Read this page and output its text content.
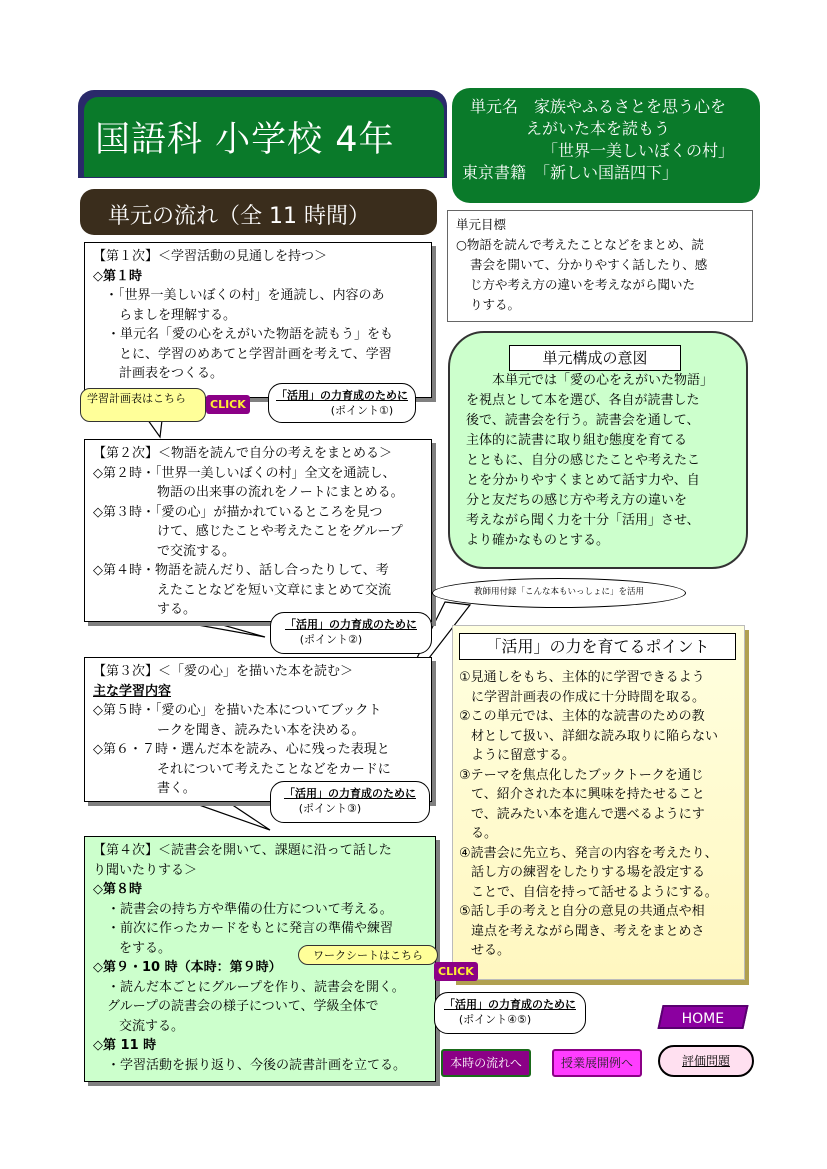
国語科 小学校 4年
単元名　家族やふるさとを思う心を
えがいた本を読もう
「世界一美しいぼくの村」
東京書籍　「新しい国語四下」
単元の流れ（全 11 時間）	単元目標
○物語を読んで考えたことなどをまとめ、読
書会を開いて、分かりやすく話したり、感
じ方や考え方の違いを考えながら聞いた
りする。
本単元では「愛の心をえがいた物語」
を視点として本を選び、各自が読書した
後で、読書会を行う。読書会を通して、
主体的に読書に取り組む態度を育てる
とともに、自分の感じたことや考えたこ
とを分かりやすくまとめて話す力や、自
分と友だちの感じ方や考え方の違いを
考えながら聞く力を十分「活用」させ、
より確かなものとする。
単元構成の意図
【第１次】＜学習活動の見通しを持つ＞
◇第１時
・「世界一美しいぼくの村」を通読し、内容のあ
らましを理解する。
・単元名「愛の心をえがいた物語を読もう」をも
とに、学習のめあてと学習計画を考えて、学習
計画表をつくる。
【第２次】＜物語を読んで自分の考えをまとめる＞
◇第２時・「世界一美しいぼくの村」全文を通読し、
物語の出来事の流れをノートにまとめる。
◇第３時・「愛の心」が描かれているところを見つ
けて、感じたことや考えたことをグループ
で交流する。
◇第４時・物語を読んだり、話し合ったりして、考
えたことなどを短い文章にまとめて交流
する。
【第３次】＜「愛の心」を描いた本を読む＞
主な学習内容
◇第５時・「愛の心」を描いた本についてブックト
ークを聞き、読みたい本を決める。
◇第６・７時・選んだ本を読み、心に残った表現と
それについて考えたことなどをカードに
書く。
【第４次】＜読書会を開いて、課題に沿って話した
り聞いたりする＞
◇第８時
・読書会の持ち方や準備の仕方について考える。
・前次に作ったカードをもとに発言の準備や練習
をする。
◇第９・10 時（本時：第９時）
・読んだ本ごとにグループを作り、読書会を開く。
グループの読書会の様子について、学級全体で
交流する。
◇第 11 時
・学習活動を振り返り、今後の読書計画を立てる。
①見通しをもち、主体的に学習できるよう
に学習計画表の作成に十分時間を取る。
②この単元では、主体的な読書のための教
材として扱い、詳細な読み取りに陥らない
ように留意する。
③テーマを焦点化したブックトークを通じ
て、紹介された本に興味を持たせること
で、読みたい本を進んで選べるようにす
る。
④読書会に先立ち、発言の内容を考えたり、
話し方の練習をしたりする場を設定する
ことで、自信を持って話せるようにする。
⑤話し手の考えと自分の意見の共通点や相
違点を考えながら聞き、考えをまとめさ
せる。
「活用」の力を育てるポイント
教師用付録「こんな本もいっしょに」を活用
「活用」の力育成のために
(ポイント①)
「活用」の力育成のために
(ポイント②)
「活用」の力育成のために
(ポイント③)
「活用」の力育成のために
(ポイント④⑤)
学習計画表はこちら	CLICK
ワークシートはこちら
CLICK
HOME
本時の流れへ	授業展開例へ	評価問題
